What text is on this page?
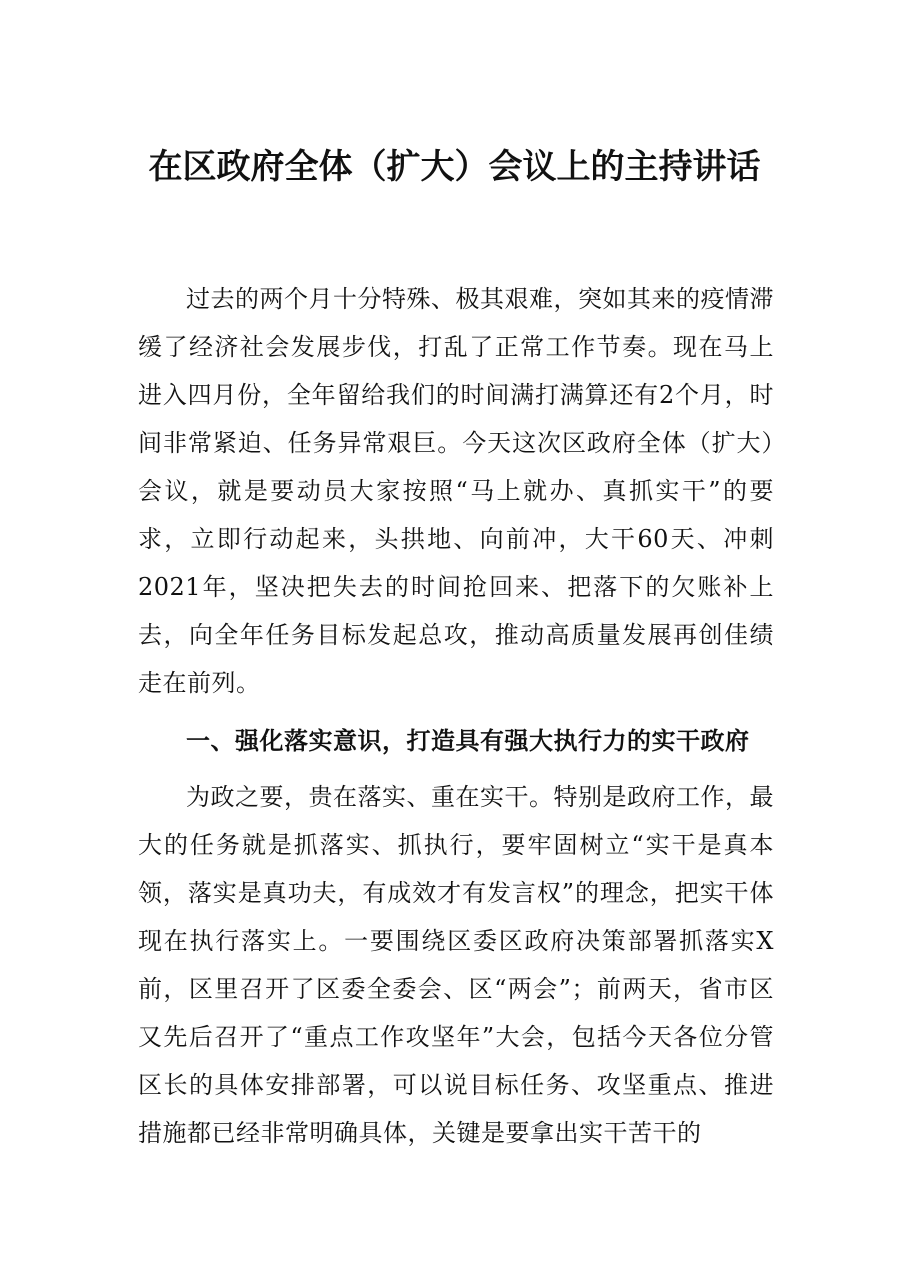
在区政府全体（扩大）会议上的主持讲话

过去的两个月十分特殊、极其艰难，突如其来的疫情滞缓了经济社会发展步伐，打乱了正常工作节奏。现在马上进入四月份，全年留给我们的时间满打满算还有2个月，时间非常紧迫、任务异常艰巨。今天这次区政府全体（扩大）会议，就是要动员大家按照“马上就办、真抓实干”的要求，立即行动起来，头拱地、向前冲，大干60天、冲刺2021年，坚决把失去的时间抢回来、把落下的欠账补上去，向全年任务目标发起总攻，推动高质量发展再创佳绩走在前列。

一、强化落实意识，打造具有强大执行力的实干政府

为政之要，贵在落实、重在实干。特别是政府工作，最大的任务就是抓落实、抓执行，要牢固树立“实干是真本领，落实是真功夫，有成效才有发言权”的理念，把实干体现在执行落实上。一要围绕区委区政府决策部署抓落实X前，区里召开了区委全委会、区“两会”；前两天，省市区又先后召开了“重点工作攻坚年”大会，包括今天各位分管区长的具体安排部署，可以说目标任务、攻坚重点、推进措施都已经非常明确具体，关键是要拿出实干苦干的
